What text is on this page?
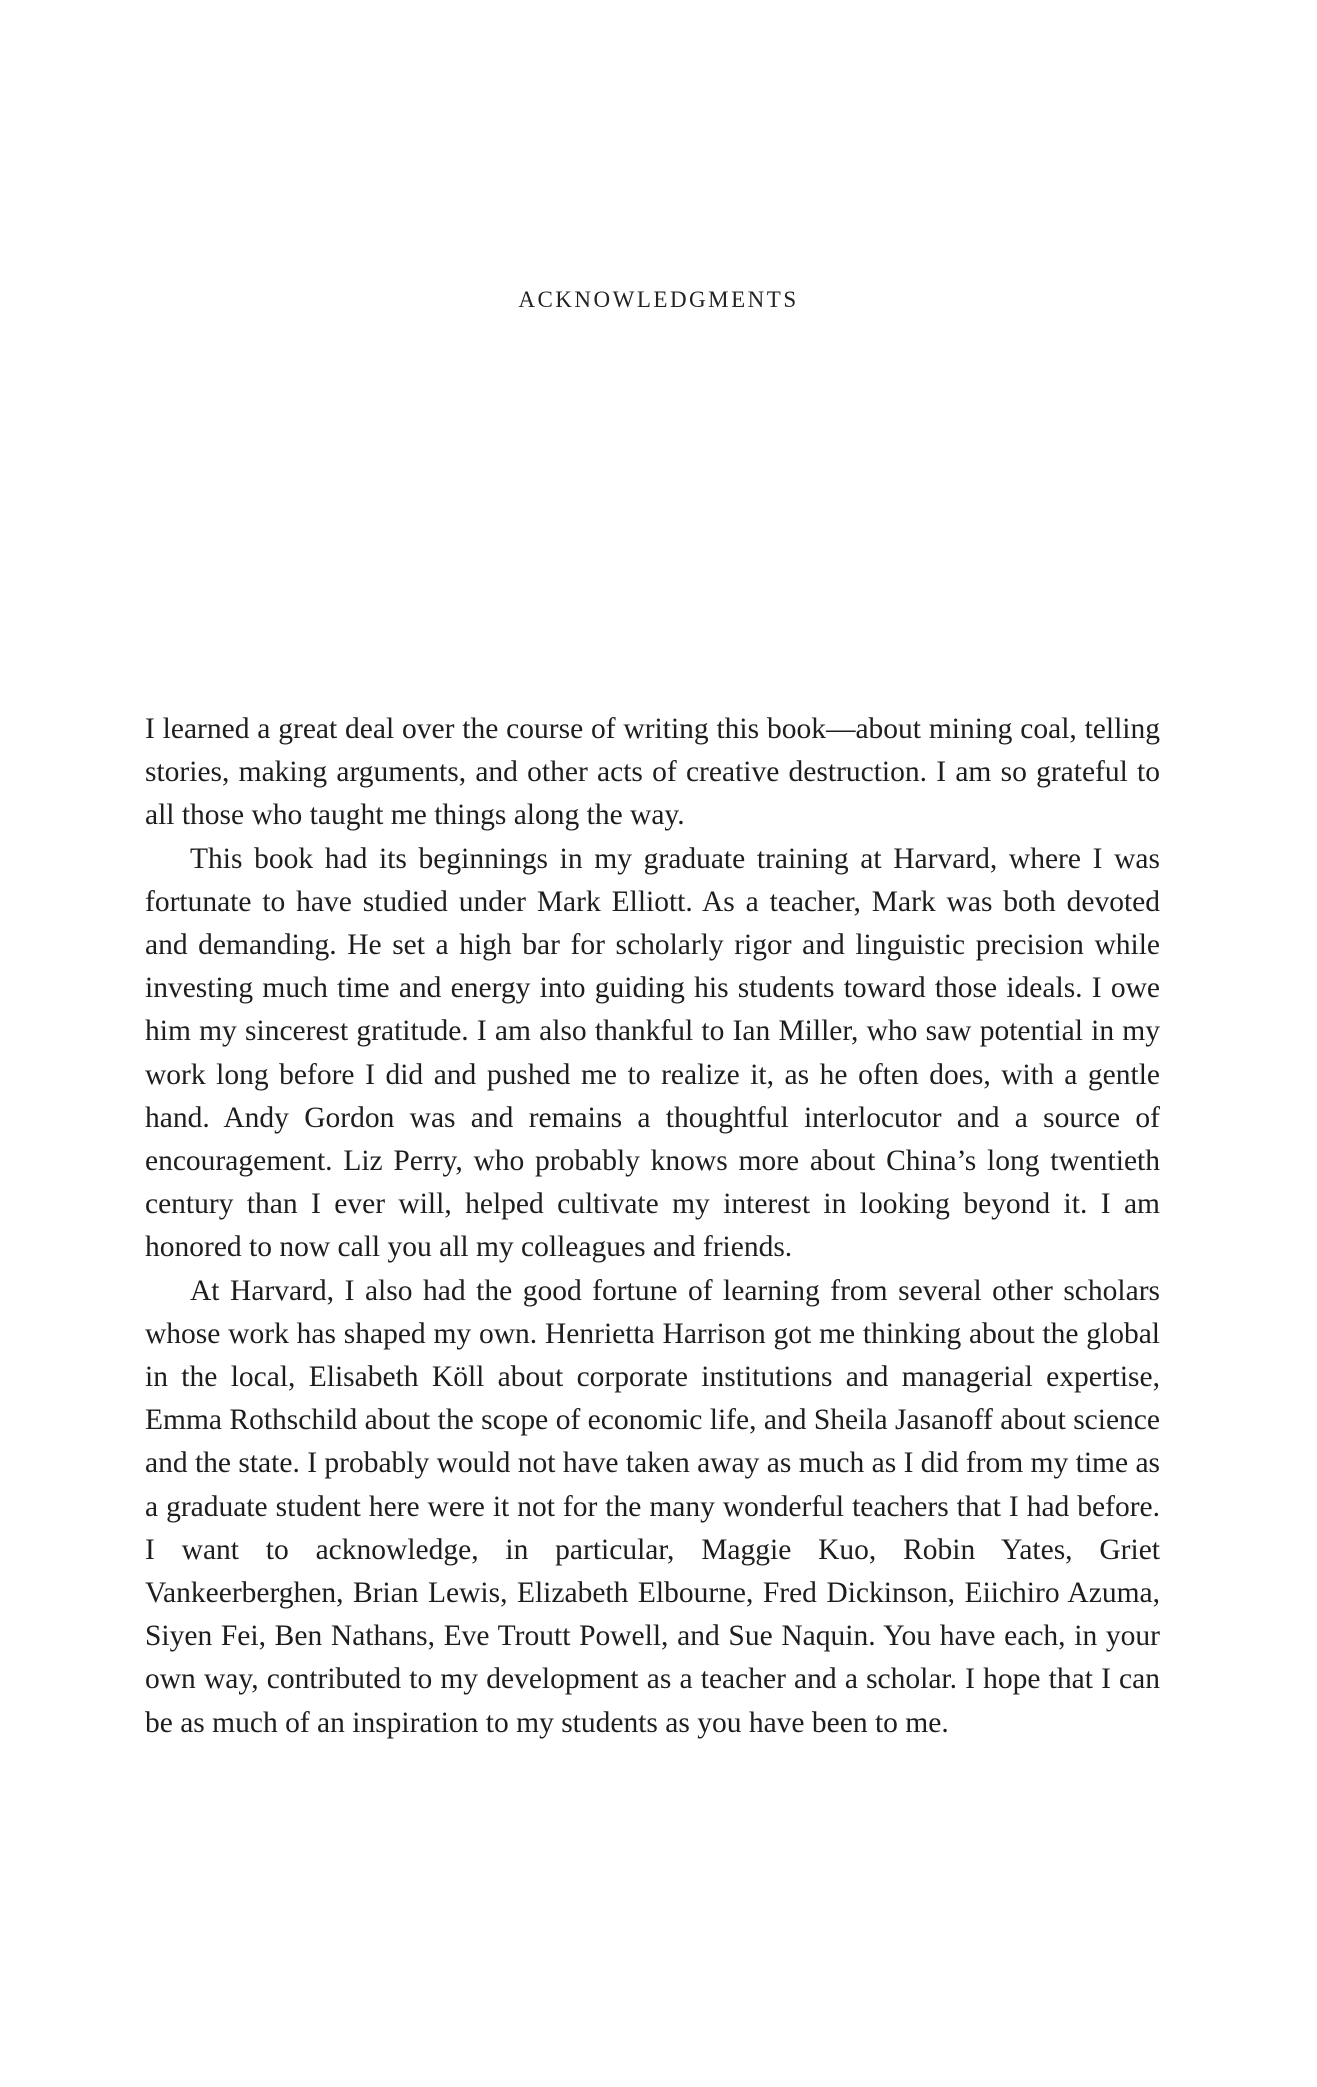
ACKNOWLEDGMENTS

I learned a great deal over the course of writing this book—about mining coal, telling stories, making arguments, and other acts of creative destruction. I am so grateful to all those who taught me things along the way.

This book had its beginnings in my graduate training at Harvard, where I was fortunate to have studied under Mark Elliott. As a teacher, Mark was both devoted and demanding. He set a high bar for scholarly rigor and linguistic precision while investing much time and energy into guiding his students toward those ideals. I owe him my sincerest gratitude. I am also thankful to Ian Miller, who saw potential in my work long before I did and pushed me to realize it, as he often does, with a gentle hand. Andy Gordon was and remains a thoughtful interlocutor and a source of encouragement. Liz Perry, who probably knows more about China’s long twentieth century than I ever will, helped cultivate my interest in looking beyond it. I am honored to now call you all my colleagues and friends.

At Harvard, I also had the good fortune of learning from several other scholars whose work has shaped my own. Henrietta Harrison got me thinking about the global in the local, Elisabeth Köll about corporate institutions and managerial expertise, Emma Rothschild about the scope of economic life, and Sheila Jasanoff about science and the state. I probably would not have taken away as much as I did from my time as a graduate student here were it not for the many wonderful teachers that I had before. I want to acknowledge, in particular, Maggie Kuo, Robin Yates, Griet Vankeerberghen, Brian Lewis, Elizabeth Elbourne, Fred Dickinson, Eiichiro Azuma, Siyen Fei, Ben Nathans, Eve Troutt Powell, and Sue Naquin. You have each, in your own way, contributed to my development as a teacher and a scholar. I hope that I can be as much of an inspiration to my students as you have been to me.
